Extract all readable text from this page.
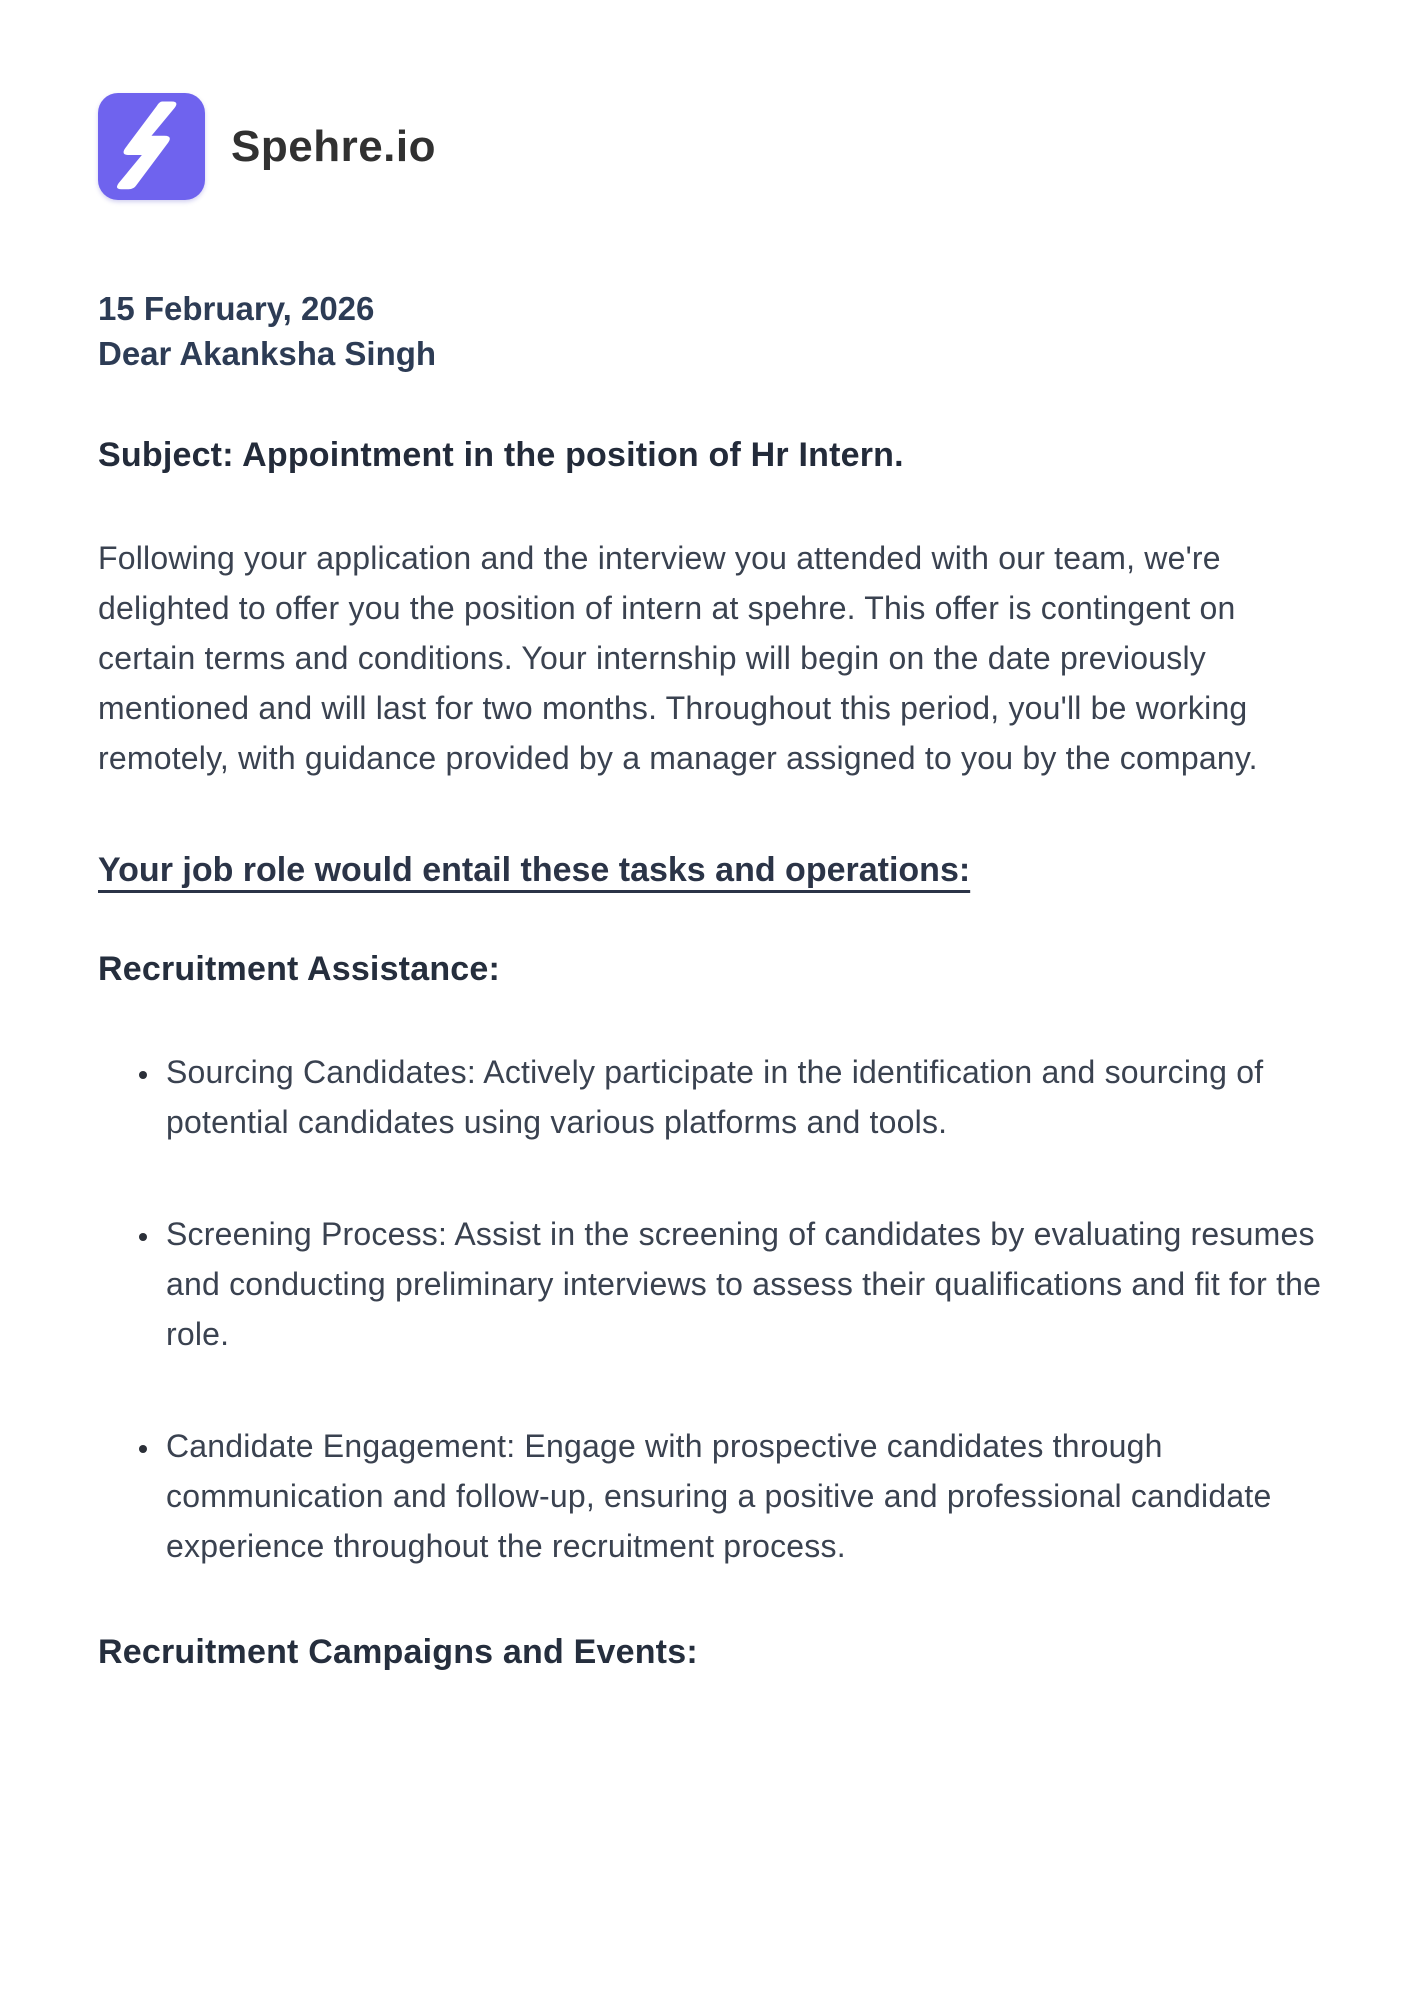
Spehre.io
15 February, 2026
Dear Akanksha Singh
Subject: Appointment in the position of Hr Intern.

Following your application and the interview you attended with our team, we're delighted to offer you the position of intern at spehre. This offer is contingent on certain terms and conditions. Your internship will begin on the date previously mentioned and will last for two months. Throughout this period, you'll be working remotely, with guidance provided by a manager assigned to you by the company.

Your job role would entail these tasks and operations:
Recruitment Assistance:
• Sourcing Candidates: Actively participate in the identification and sourcing of potential candidates using various platforms and tools.
• Screening Process: Assist in the screening of candidates by evaluating resumes and conducting preliminary interviews to assess their qualifications and fit for the role.
• Candidate Engagement: Engage with prospective candidates through communication and follow-up, ensuring a positive and professional candidate experience throughout the recruitment process.
Recruitment Campaigns and Events:
